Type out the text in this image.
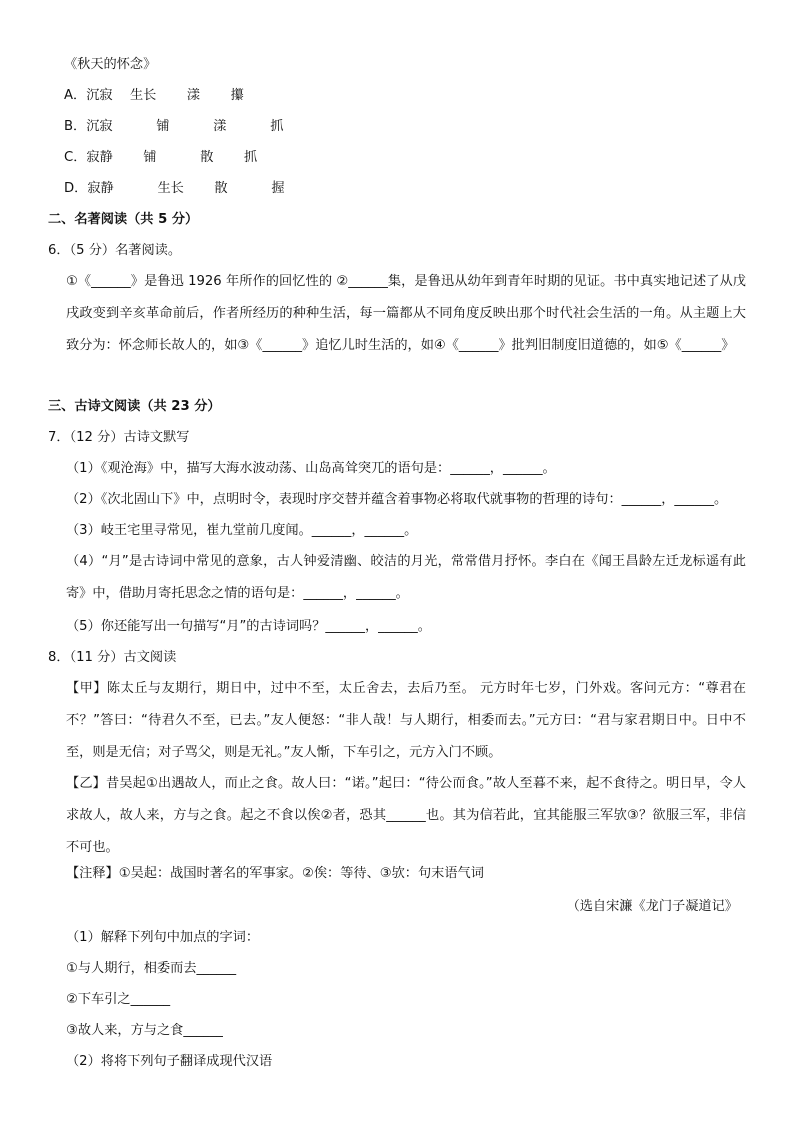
《秋天的怀念》
A．沉寂　 生长　　 漾　　 攥
B．沉寂　　　 铺　　　 漾　　　 抓
C．寂静　　 铺　　　 散　　 抓
D．寂静　　　 生长　　 散　　　 握
二、名著阅读（共 5 分）
6．（5 分）名著阅读。

①《______》是鲁迅 1926 年所作的回忆性的 ②______集，是鲁迅从幼年到青年时期的见证。书中真实地记述了从戊戌政变到辛亥革命前后，作者所经历的种种生活，每一篇都从不同角度反映出那个时代社会生活的一角。从主题上大致分为：怀念师长故人的，如③《______》追忆儿时生活的，如④《______》批判旧制度旧道德的，如⑤《______》

三、古诗文阅读（共 23 分）
7．（12 分）古诗文默写
（1）《观沧海》中，描写大海水波动荡、山岛高耸突兀的语句是：______，______。
（2）《次北固山下》中，点明时令，表现时序交替并蕴含着事物必将取代就事物的哲理的诗句：______，______。
（3）岐王宅里寻常见，崔九堂前几度闻。______，______。

（4）“月”是古诗词中常见的意象，古人钟爱清幽、皎洁的月光，常常借月抒怀。李白在《闻王昌龄左迁龙标遥有此寄》中，借助月寄托思念之情的语句是：______，______。

（5）你还能写出一句描写“月”的古诗词吗？______，______。
8．（11 分）古文阅读

【甲】陈太丘与友期行，期日中，过中不至，太丘舍去，去后乃至。 元方时年七岁，门外戏。客问元方：“尊君在不？”答曰：“待君久不至，已去。”友人便怒：“非人哉！与人期行，相委而去。”元方曰：“君与家君期日中。日中不至，则是无信；对子骂父，则是无礼。”友人惭，下车引之，元方入门不顾。

【乙】昔吴起①出遇故人，而止之食。故人曰：“诺。”起曰：“待公而食。”故人至暮不来，起不食待之。明日早，令人求故人，故人来，方与之食。起之不食以俟②者，恐其______也。其为信若此，宜其能服三军欤③？欲服三军，非信不可也。

【注释】①吴起：战国时著名的军事家。②俟：等待、③欤：句末语气词
（选自宋濂《龙门子凝道记》
（1）解释下列句中加点的字词：
①与人期行，相委而去______
②下车引之______
③故人来，方与之食______
（2）将将下列句子翻译成现代汉语
